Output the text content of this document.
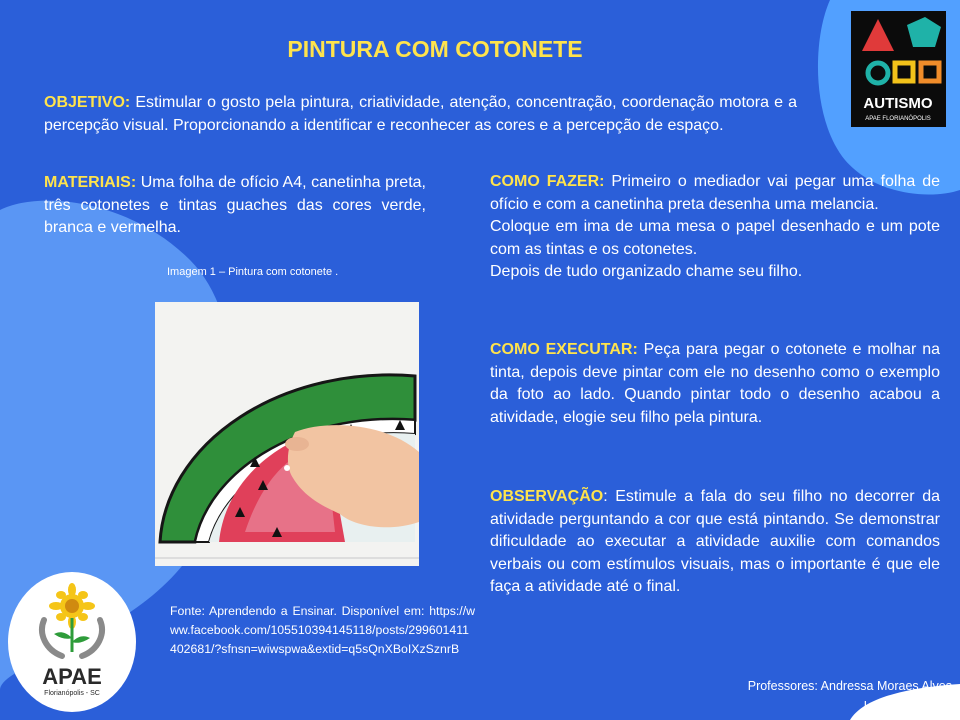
PINTURA COM COTONETE

OBJETIVO: Estimular o gosto pela pintura, criatividade, atenção, concentração, coordenação motora e a percepção visual. Proporcionando a identificar e reconhecer as cores e a percepção de espaço.

MATERIAIS: Uma folha de ofício A4, canetinha preta, três cotonetes e tintas guaches das cores verde, branca e vermelha.

Imagem 1 – Pintura com cotonete .

Fonte: Aprendendo a Ensinar. Disponível em: https://www.facebook.com/105510394145118/posts/299601411402681/?sfnsn=wiwspwa&extid=q5sQnXBoIXzSznrB

COMO FAZER: Primeiro o mediador vai pegar uma folha de ofício e com a canetinha preta desenha uma melancia.
Coloque em ima de uma mesa o papel desenhado e um pote com as tintas e os cotonetes.
Depois de tudo organizado chame seu filho.

COMO EXECUTAR: Peça para pegar o cotonete e molhar na tinta, depois deve pintar com ele no desenho como o exemplo da foto ao lado. Quando pintar todo o desenho acabou a atividade, elogie seu filho pela pintura.

OBSERVAÇÃO: Estimule a fala do seu filho no decorrer da atividade perguntando a cor que está pintando. Se demonstrar dificuldade ao executar a atividade auxilie com comandos verbais ou com estímulos visuais, mas o importante é que ele faça a atividade até o final.

Professores: Andressa Moraes Alves
Lauro de Souza
AUTISMO
APAE FLORIANÓPOLIS
APAE
Florianópolis - SC
